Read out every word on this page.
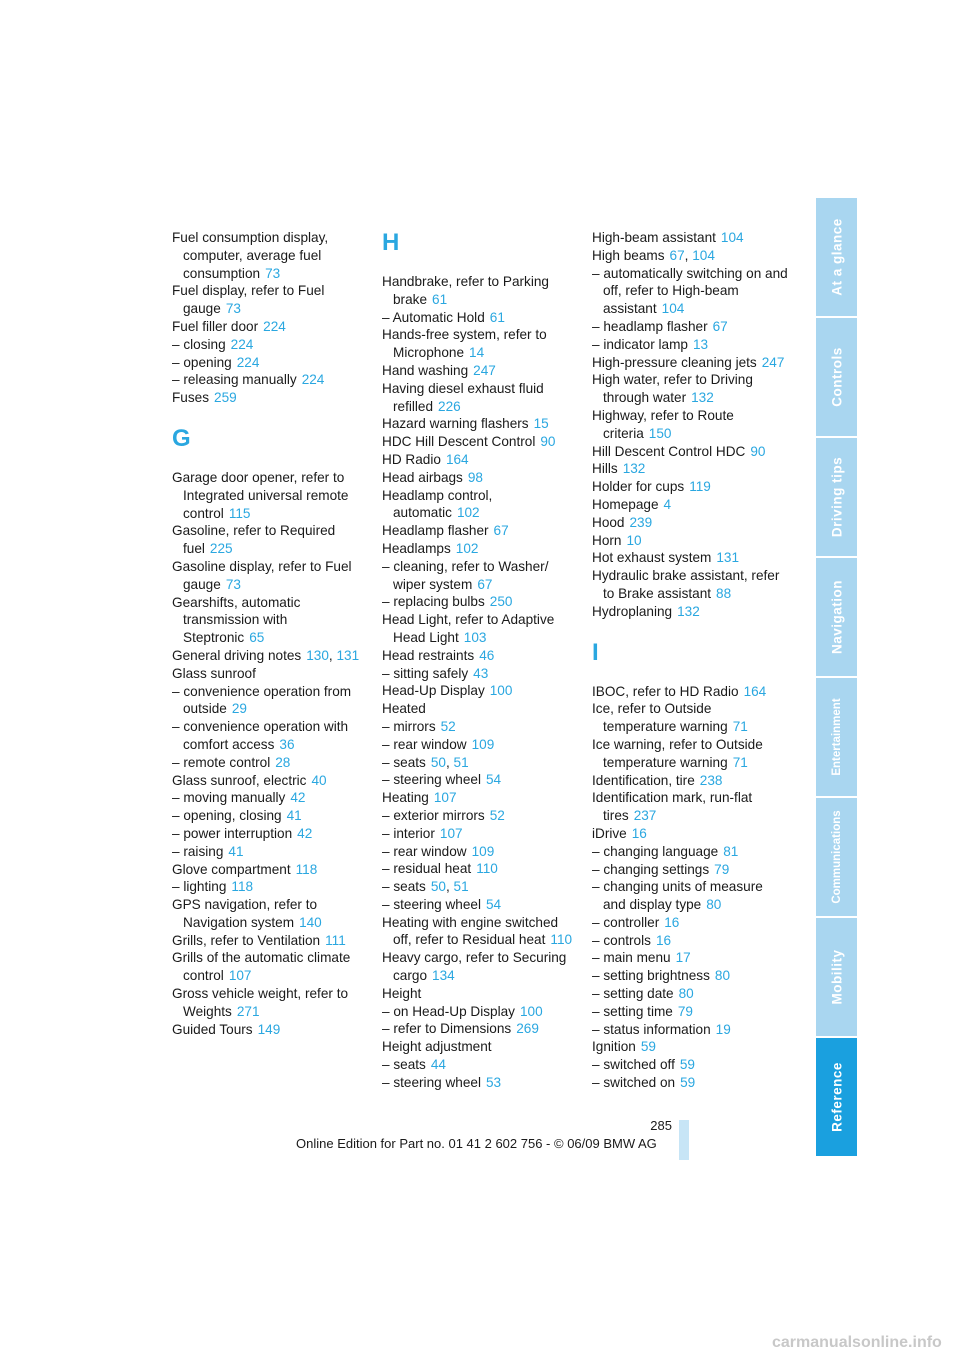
Fuel consumption display, computer, average fuel consumption 73
Fuel display, refer to Fuel gauge 73
Fuel filler door 224
– closing 224
– opening 224
– releasing manually 224
Fuses 259
G
Garage door opener, refer to Integrated universal remote control 115
Gasoline, refer to Required fuel 225
Gasoline display, refer to Fuel gauge 73
Gearshifts, automatic transmission with Steptronic 65
General driving notes 130, 131
Glass sunroof
– convenience operation from outside 29
– convenience operation with comfort access 36
– remote control 28
Glass sunroof, electric 40
– moving manually 42
– opening, closing 41
– power interruption 42
– raising 41
Glove compartment 118
– lighting 118
GPS navigation, refer to Navigation system 140
Grills, refer to Ventilation 111
Grills of the automatic climate control 107
Gross vehicle weight, refer to Weights 271
Guided Tours 149
H
Handbrake, refer to Parking brake 61
– Automatic Hold 61
Hands-free system, refer to Microphone 14
Hand washing 247
Having diesel exhaust fluid refilled 226
Hazard warning flashers 15
HDC Hill Descent Control 90
HD Radio 164
Head airbags 98
Headlamp control, automatic 102
Headlamp flasher 67
Headlamps 102
– cleaning, refer to Washer/ wiper system 67
– replacing bulbs 250
Head Light, refer to Adaptive Head Light 103
Head restraints 46
– sitting safely 43
Head-Up Display 100
Heated
– mirrors 52
– rear window 109
– seats 50, 51
– steering wheel 54
Heating 107
– exterior mirrors 52
– interior 107
– rear window 109
– residual heat 110
– seats 50, 51
– steering wheel 54
Heating with engine switched off, refer to Residual heat 110
Heavy cargo, refer to Securing cargo 134
Height
– on Head-Up Display 100
– refer to Dimensions 269
Height adjustment
– seats 44
– steering wheel 53
High-beam assistant 104
High beams 67, 104
– automatically switching on and off, refer to High-beam assistant 104
– headlamp flasher 67
– indicator lamp 13
High-pressure cleaning jets 247
High water, refer to Driving through water 132
Highway, refer to Route criteria 150
Hill Descent Control HDC 90
Hills 132
Holder for cups 119
Homepage 4
Hood 239
Horn 10
Hot exhaust system 131
Hydraulic brake assistant, refer to Brake assistant 88
Hydroplaning 132
I
IBOC, refer to HD Radio 164
Ice, refer to Outside temperature warning 71
Ice warning, refer to Outside temperature warning 71
Identification, tire 238
Identification mark, run-flat tires 237
iDrive 16
– changing language 81
– changing settings 79
– changing units of measure and display type 80
– controller 16
– controls 16
– main menu 17
– setting brightness 80
– setting date 80
– setting time 79
– status information 19
Ignition 59
– switched off 59
– switched on 59
At a glance
Controls
Driving tips
Navigation
Entertainment
Communications
Mobility
Reference
285
Online Edition for Part no. 01 41 2 602 756 - © 06/09 BMW AG
carmanualsonline.info
